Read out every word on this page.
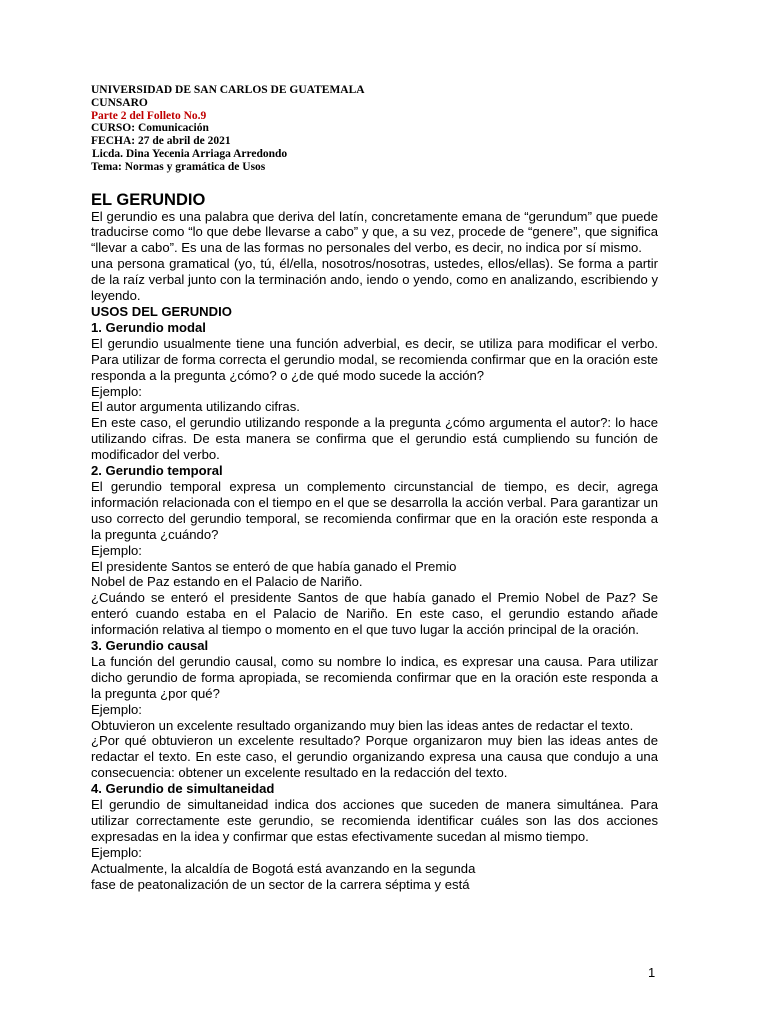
UNIVERSIDAD DE SAN CARLOS DE GUATEMALA
CUNSARO
Parte 2 del Folleto No.9
CURSO: Comunicación
FECHA: 27 de abril de 2021
Licda. Dina Yecenia Arriaga Arredondo
Tema: Normas y gramática de Usos
EL GERUNDIO

El gerundio es una palabra que deriva del latín, concretamente emana de “gerundum” que puede traducirse como “lo que debe llevarse a cabo” y que, a su vez, procede de “genere”, que significa “llevar a cabo”. Es una de las formas no personales del verbo, es decir, no indica por sí mismo.

una persona gramatical (yo, tú, él/ella, nosotros/nosotras, ustedes, ellos/ellas). Se forma a partir de la raíz verbal junto con la terminación ando, iendo o yendo, como en analizando, escribiendo y leyendo.

USOS DEL GERUNDIO

1. Gerundio modal

El gerundio usualmente tiene una función adverbial, es decir, se utiliza para modificar el verbo. Para utilizar de forma correcta el gerundio modal, se recomienda confirmar que en la oración este responda a la pregunta ¿cómo? o ¿de qué modo sucede la acción?

Ejemplo:

El autor argumenta utilizando cifras.

En este caso, el gerundio utilizando responde a la pregunta ¿cómo argumenta el autor?: lo hace utilizando cifras. De esta manera se confirma que el gerundio está cumpliendo su función de modificador del verbo.

2. Gerundio temporal

El gerundio temporal expresa un complemento circunstancial de tiempo, es decir, agrega información relacionada con el tiempo en el que se desarrolla la acción verbal. Para garantizar un uso correcto del gerundio temporal, se recomienda confirmar que en la oración este responda a la pregunta ¿cuándo?

Ejemplo:

El presidente Santos se enteró de que había ganado el Premio

Nobel de Paz estando en el Palacio de Nariño.

¿Cuándo se enteró el presidente Santos de que había ganado el Premio Nobel de Paz? Se enteró cuando estaba en el Palacio de Nariño. En este caso, el gerundio estando añade información relativa al tiempo o momento en el que tuvo lugar la acción principal de la oración.

3. Gerundio causal

La función del gerundio causal, como su nombre lo indica, es expresar una causa. Para utilizar dicho gerundio de forma apropiada, se recomienda confirmar que en la oración este responda a la pregunta ¿por qué?

Ejemplo:

Obtuvieron un excelente resultado organizando muy bien las ideas antes de redactar el texto.

¿Por qué obtuvieron un excelente resultado? Porque organizaron muy bien las ideas antes de redactar el texto. En este caso, el gerundio organizando expresa una causa que condujo a una consecuencia: obtener un excelente resultado en la redacción del texto.

4. Gerundio de simultaneidad

El gerundio de simultaneidad indica dos acciones que suceden de manera simultánea. Para utilizar correctamente este gerundio, se recomienda identificar cuáles son las dos acciones expresadas en la idea y confirmar que estas efectivamente sucedan al mismo tiempo.

Ejemplo:

Actualmente, la alcaldía de Bogotá está avanzando en la segunda

fase de peatonalización de un sector de la carrera séptima y está

1
